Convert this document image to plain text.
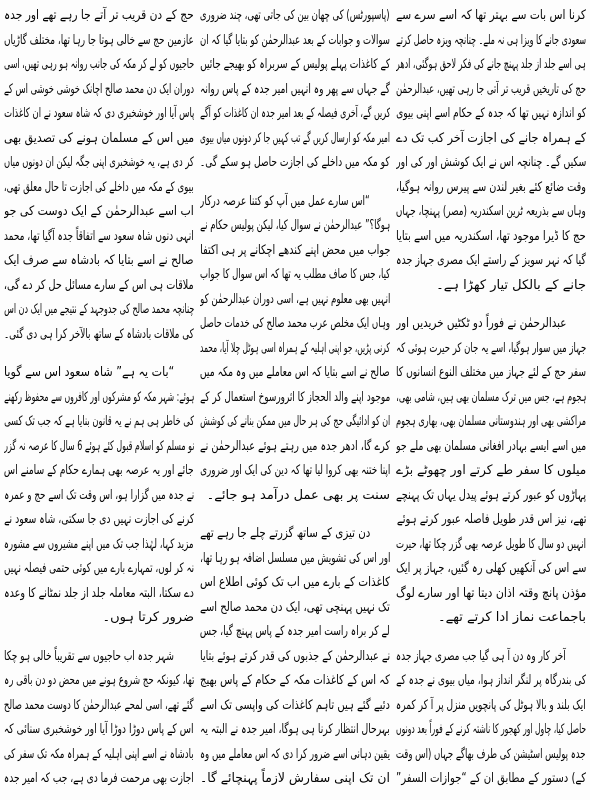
کرنا اس بات سے بہتر تھا کہ اسے سرے سے
سعودی جانے کا ویزا ہی نہ ملے۔ چنانچہ ویزہ حاصل کرتے
ہی اسے جلد از جلد پہنچ جانے کی فکر لاحق ہوگئی، ادھر
حج کی تاریخیں قریب تر آتی جا رہی تھیں، عبدالرحمٰن
کو اندازہ نہیں تھا کہ جدہ کے حکام اسے اپنی بیوی
کے ہمراہ جانے کی اجازت آخر کب تک دے
سکیں گے۔ چنانچہ اس نے ایک کوشش اور کی اور
وقت ضائع کئے بغیر لندن سے پیرس روانہ ہوگیا،
وہاں سے بذریعہ ٹرین اسکندریہ (مصر) پہنچا، جہاں
حج کا ڈیرا موجود تھا، اسکندریہ میں اسے بتایا
گیا کہ نہر سویز کے راستے ایک مصری جہاز جدہ
جانے کے بالکل تیار کھڑا ہے۔
عبدالرحمٰن نے فوراً دو ٹکٹیں خریدیں اور
جہاز میں سوار ہوگیا، اسے یہ جان کر حیرت ہوئی کہ
سفر حج کے لئے جہاز میں مختلف النوع انسانوں کا
ہجوم ہے، جس میں ترک مسلمان بھی ہیں، شامی بھی،
مراکشی بھی اور ہندوستانی مسلمان بھی، بھاری ہجوم
میں اسے ایسے بہادر افغانی مسلمان بھی ملے جو
میلوں کا سفر طے کرتے اور چھوٹے بڑے
پہاڑوں کو عبور کرتے ہوئے پیدل یہاں تک پہنچے
تھے، نیز اس قدر طویل فاصلہ عبور کرتے ہوئے
انہیں دو سال کا طویل عرصہ بھی گزر چکا تھا، حیرت
سے اس کی آنکھیں کھلی رہ گئیں، جہاز پر ایک
مؤذن پانچ وقتہ اذان دیتا تھا اور سارے لوگ
باجماعت نماز ادا کرتے تھے۔
آخر کار وہ دن آ ہی گیا جب مصری جہاز جدہ
کی بندرگاہ پر لنگر انداز ہوا، میاں بیوی نے جدہ کے
ایک بلند و بالا ہوٹل کی پانچویں منزل پر آ کر کمرہ
حاصل کیا، چاول اور کھجور کا ناشتہ کرنے کے فوراً بعد دونوں
جدہ پولیس اسٹیشن کی طرف بھاگے جہاں (اس وقت
کے) دستور کے مطابق ان کے “جوازات السفر”
(پاسپورٹس) کی چھان بین کی جاتی تھی، چند ضروری
سوالات و جوابات کے بعد عبدالرحمٰن کو بتایا گیا کہ ان
کے کاغذات پہلے پولیس کے سربراہ کو بھیجے جائیں
گے جہاں سے پھر وہ انہیں امیر جدہ کے پاس روانہ
کریں گے، آخری فیصلہ کے بعد امیر جدہ ان کاغذات کو آگے
امیر مکہ کو ارسال کریں گے تب کہیں جا کر دونوں میاں بیوی
کو مکہ میں داخلے کی اجازت حاصل ہو سکے گی۔
“اس سارے عمل میں آپ کو کتنا عرصہ درکار
ہوگا؟” عبدالرحمٰن نے سوال کیا، لیکن پولیس حکام نے
جواب میں محض اپنے کندھے اچکانے پر ہی اکتفا
کیا، جس کا صاف مطلب یہ تھا کہ اس سوال کا جواب
انہیں بھی معلوم نہیں ہے، اسی دوران عبدالرحمٰن کو
وہاں ایک مخلص عرب محمد صالح کی خدمات حاصل
کرنی پڑیں، جو اپنی اہلیہ کے ہمراہ اسی ہوٹل چلا آیا، محمد
صالح نے اسے بتایا کہ اس معاملے میں وہ مکہ میں
موجود اپنے والد الحجاز کا اثرورسوخ استعمال کر کے
ان کو ادائیگی حج کی ہر حال میں ممکن بنانے کی کوشش
کرے گا، ادھر جدہ میں رہتے ہوئے عبدالرحمٰن نے
اپنا ختنہ بھی کروا لیا تھا کہ دین کی ایک اور ضروری
سنت پر بھی عمل درآمد ہو جائے۔
دن تیزی کے ساتھ گزرتے چلے جا رہے تھے
اور اس کی تشویش میں مسلسل اضافہ ہو رہا تھا،
کاغذات کے بارے میں اب تک کوئی اطلاع اس
تک نہیں پہنچی تھی، ایک دن محمد صالح اسے
لے کر براہ راست امیر جدہ کے پاس پہنچ گیا، جس
نے عبدالرحمٰن کے جذبوں کی قدر کرتے ہوئے بتایا
کہ اس کے کاغذات مکہ کے حکام کے پاس بھیج
دئیے گئے ہیں تاہم کاغذات کی واپسی تک اسے
بہرحال انتظار کرنا ہی ہوگا، امیر جدہ نے البتہ یہ
یقین دہانی اسے ضرور کرا دی کہ اس معاملے میں وہ
ان تک اپنی سفارش لازماً پہنچائے گا۔
حج کے دن قریب تر آتے جا رہے تھے اور جدہ
عازمین حج سے خالی ہوتا جا رہا تھا، مختلف گاڑیاں
حاجیوں کو لے کر مکہ کی جانب روانہ ہو رہی تھیں، اسی
دوران ایک دن محمد صالح اچانک خوشی خوشی اس کے
پاس آیا اور خوشخبری دی کہ شاہ سعود نے ان کاغذات
میں اس کے مسلمان ہونے کی تصدیق بھی
کر دی ہے، یہ خوشخبری اپنی جگہ لیکن ان دونوں میاں
بیوی کے مکہ میں داخلے کی اجازت تا حال معلق تھی،
اب اسے عبدالرحمٰن کے ایک دوست کی جو
انہی دنوں شاہ سعود سے اتفاقاً جدہ آگیا تھا، محمد
صالح نے اسے بتایا کہ بادشاہ سے صرف ایک
ملاقات ہی اس کے سارے مسائل حل کر دے گی،
چنانچہ محمد صالح کی جدوجہد کے نتیجے میں ایک دن اس
کی ملاقات بادشاہ کے ساتھ بالآخر کرا ہی دی گئی۔
“بات یہ ہے” شاہ سعود اس سے گویا
ہوئے: شہر مکہ کو مشرکوں اور کافروں سے محفوظ رکھنے
کی خاطر ہی ہم نے یہ قانون بنایا ہے کہ جب تک کسی
نو مسلم کو اسلام قبول کئے ہوئے 6 سال کا عرصہ نہ گزر
جائے اور یہ عرصہ بھی ہمارے حکام کے سامنے اس
نے جدہ میں گزارا ہو، اس وقت تک اسے حج و عمرہ
کرنے کی اجازت نہیں دی جا سکتی، شاہ سعود نے
مزید کہا، لہٰذا جب تک میں اپنے مشیروں سے مشورہ
نہ کر لوں، تمہارے بارے میں کوئی حتمی فیصلہ نہیں
دے سکتا، البتہ معاملہ جلد از جلد نمٹانے کا وعدہ
ضرور کرتا ہوں۔
شہر جدہ اب حاجیوں سے تقریباً خالی ہو چکا
تھا، کیونکہ حج شروع ہونے میں محض دو دن باقی رہ
گئے تھے، اسی لمحے عبدالرحمٰن کا دوست محمد صالح
اس کے پاس دوڑا دوڑا آیا اور خوشخبری سنائی کہ
بادشاہ نے اسے اپنی اہلیہ کے ہمراہ مکہ تک سفر کی
اجازت بھی مرحمت فرما دی ہے، جب کہ امیر جدہ
